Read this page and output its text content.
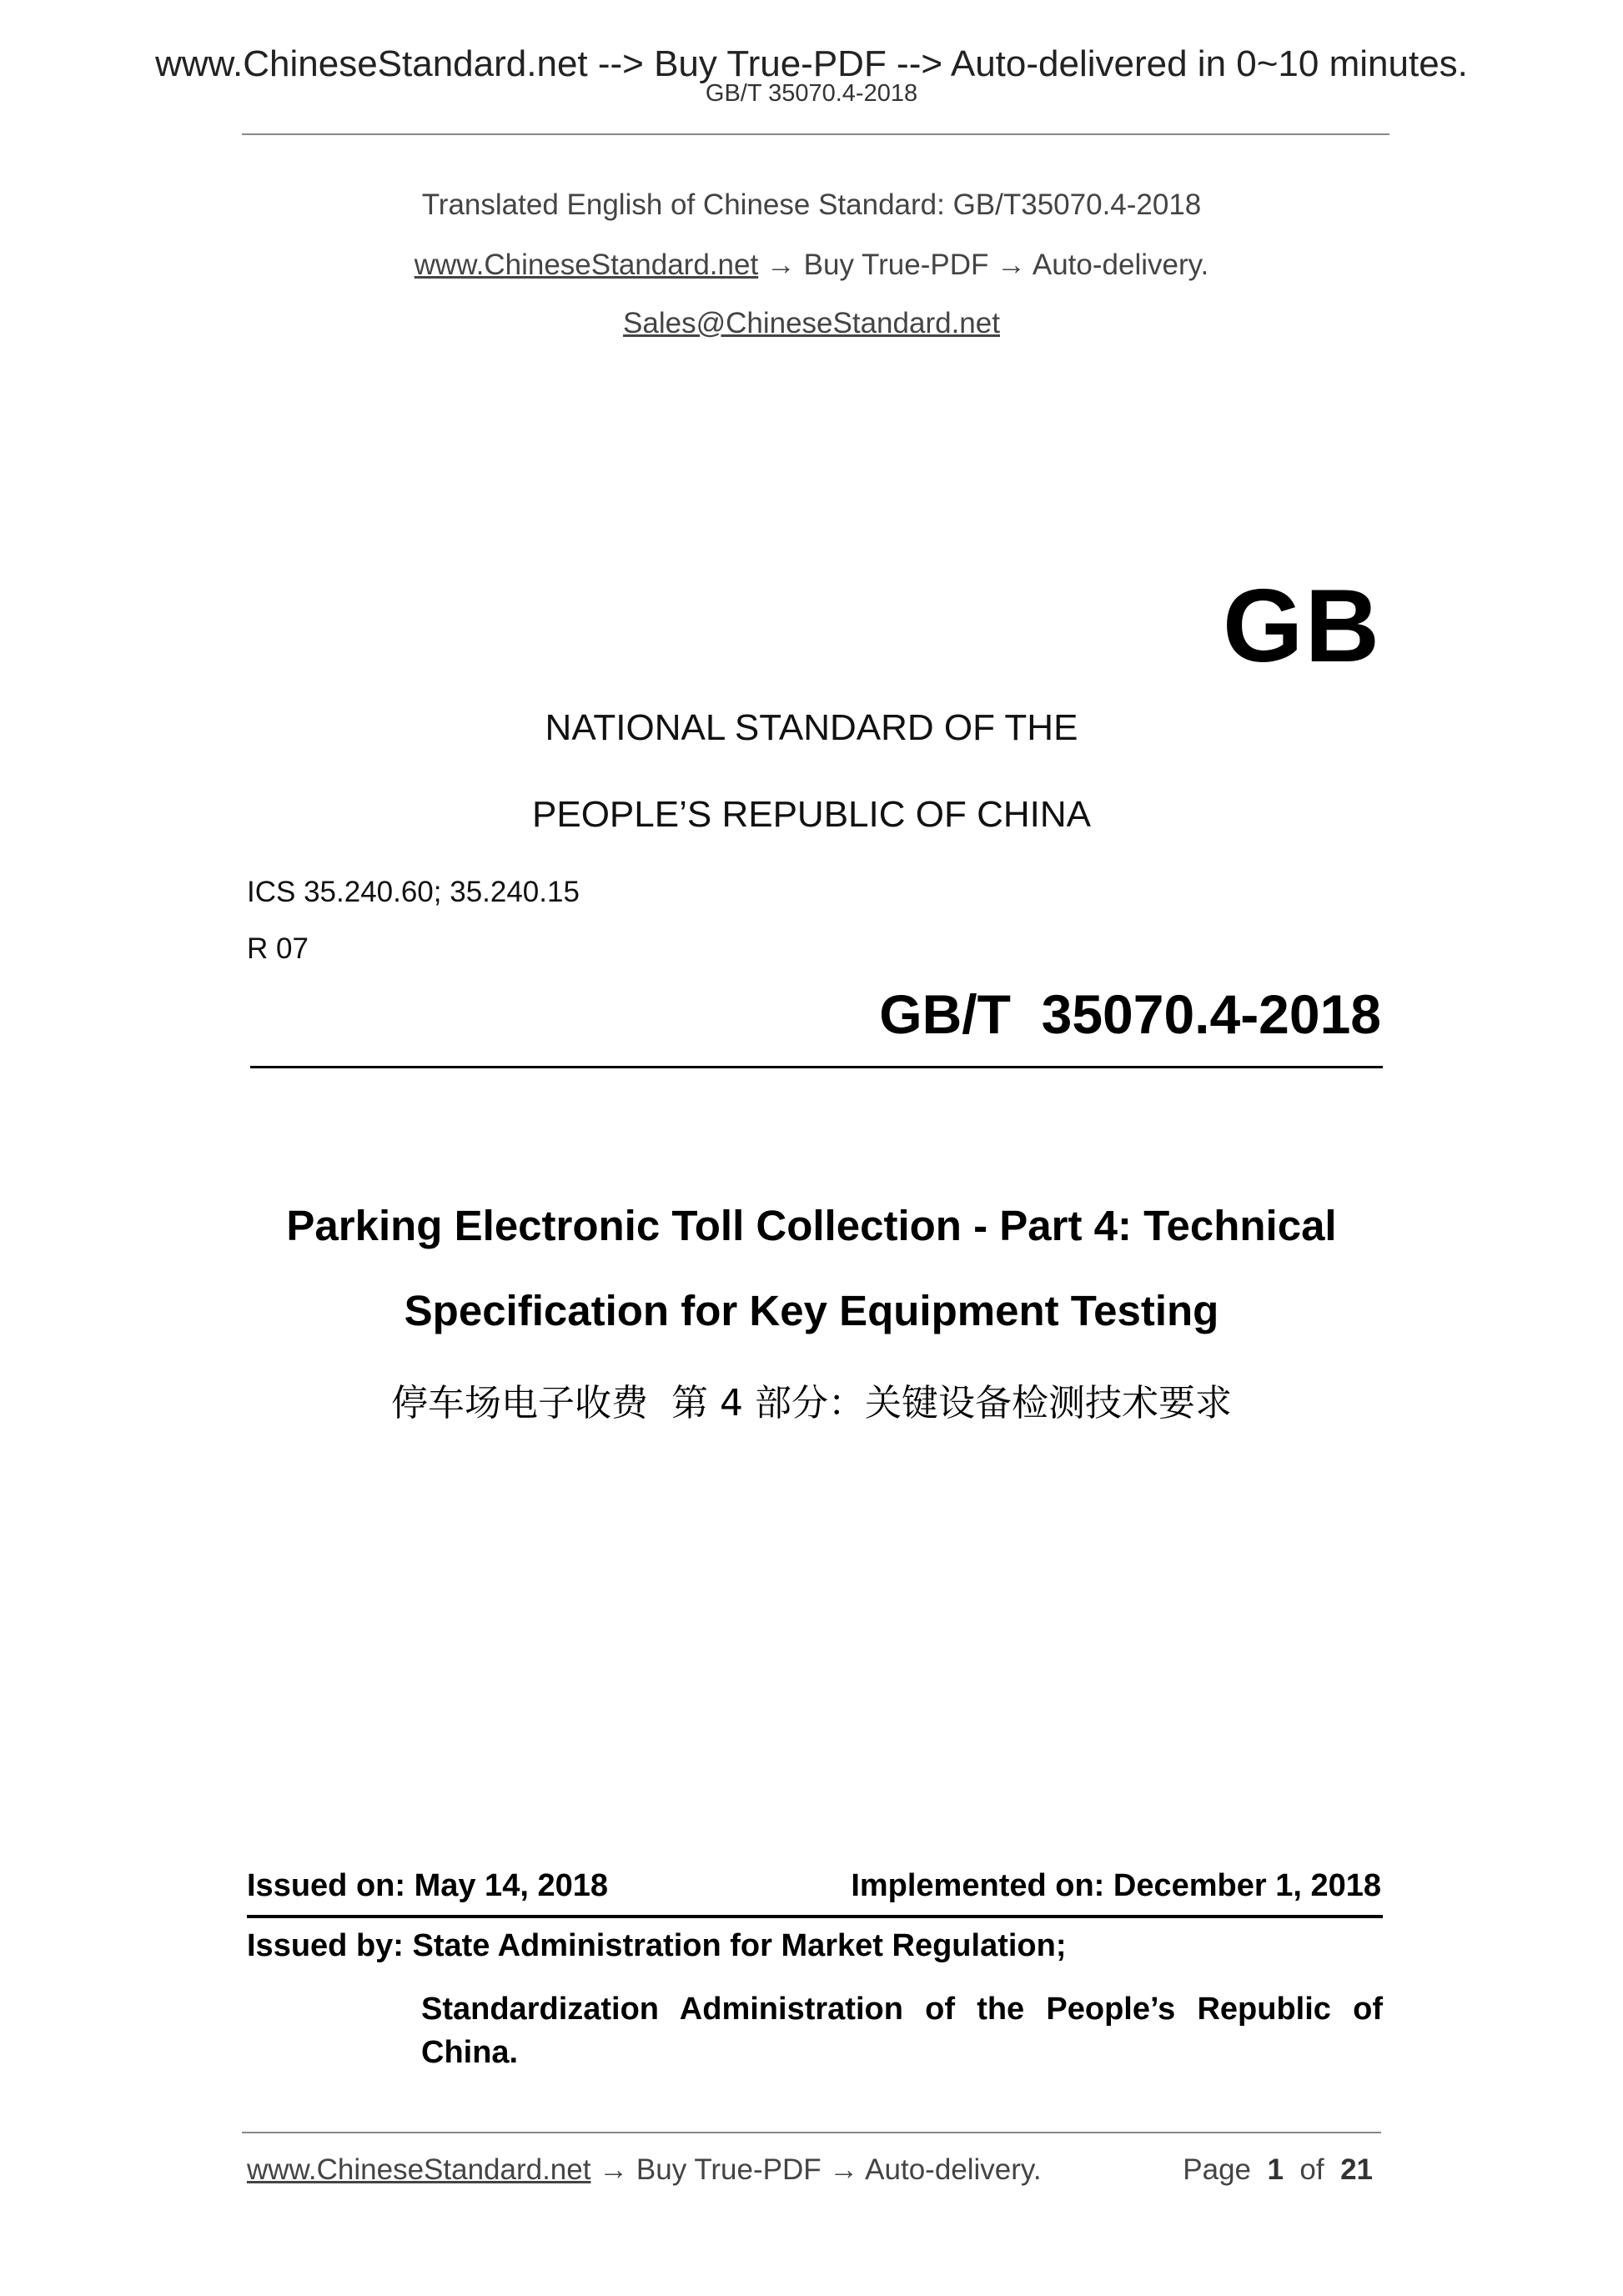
www.ChineseStandard.net --> Buy True-PDF --> Auto-delivered in 0~10 minutes.
GB/T 35070.4-2018
Translated English of Chinese Standard: GB/T35070.4-2018
www.ChineseStandard.net → Buy True-PDF → Auto-delivery.
Sales@ChineseStandard.net
GB
NATIONAL STANDARD OF THE
PEOPLE’S REPUBLIC OF CHINA
ICS 35.240.60; 35.240.15
R 07
GB/T  35070.4-2018
Parking Electronic Toll Collection - Part 4: Technical
Specification for Key Equipment Testing
停车场电子收费  第 4 部分：关键设备检测技术要求
Issued on: May 14, 2018	Implemented on: December 1, 2018
Issued by: State Administration for Market Regulation;
Standardization Administration of the People’s Republic of China.
www.ChineseStandard.net → Buy True-PDF → Auto-delivery.	Page 1 of 21
